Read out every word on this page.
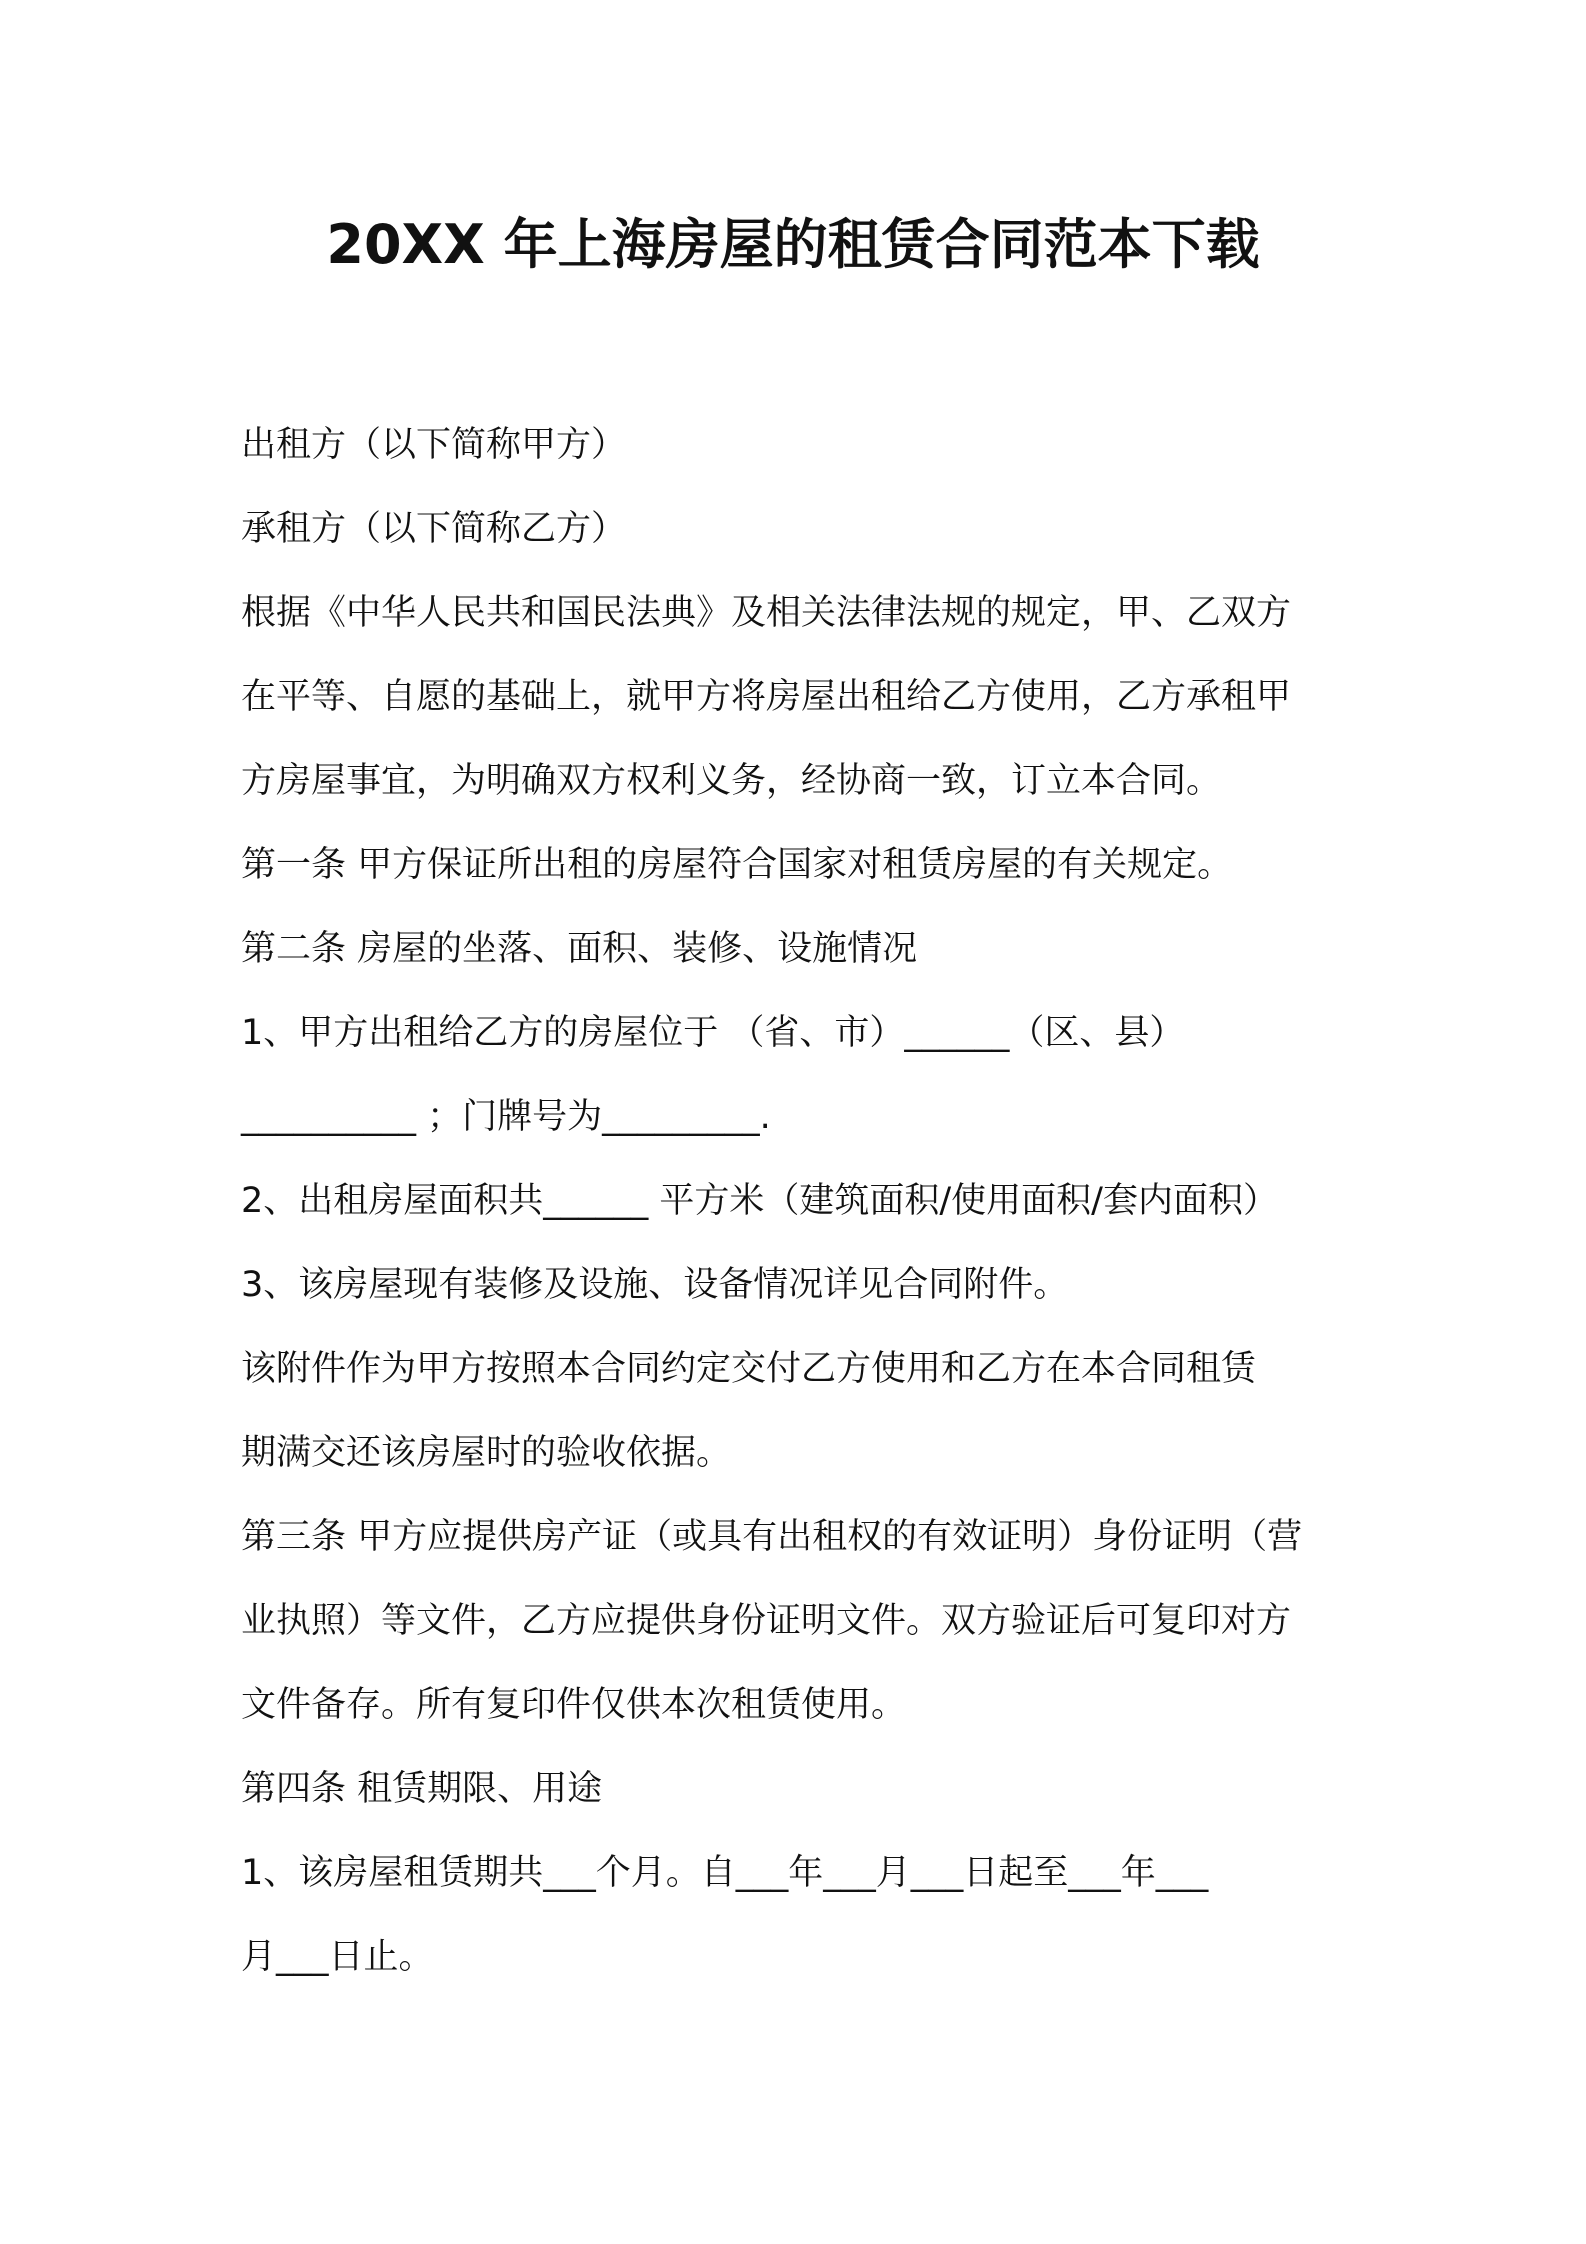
20XX 年上海房屋的租赁合同范本下载

出租方（以下简称甲方）

承租方（以下简称乙方）

根据《中华人民共和国民法典》及相关法律法规的规定，甲、乙双方

在平等、自愿的基础上，就甲方将房屋出租给乙方使用，乙方承租甲

方房屋事宜，为明确双方权利义务，经协商一致，订立本合同。

第一条 甲方保证所出租的房屋符合国家对租赁房屋的有关规定。

第二条 房屋的坐落、面积、装修、设施情况

1、甲方出租给乙方的房屋位于 （省、市）______（区、县）

__________ ；门牌号为_________.

2、出租房屋面积共______ 平方米（建筑面积/使用面积/套内面积）

3、该房屋现有装修及设施、设备情况详见合同附件。

该附件作为甲方按照本合同约定交付乙方使用和乙方在本合同租赁

期满交还该房屋时的验收依据。

第三条 甲方应提供房产证（或具有出租权的有效证明）身份证明（营

业执照）等文件，乙方应提供身份证明文件。双方验证后可复印对方

文件备存。所有复印件仅供本次租赁使用。

第四条 租赁期限、用途

1、该房屋租赁期共___个月。自___年___月___日起至___年___

月___日止。
